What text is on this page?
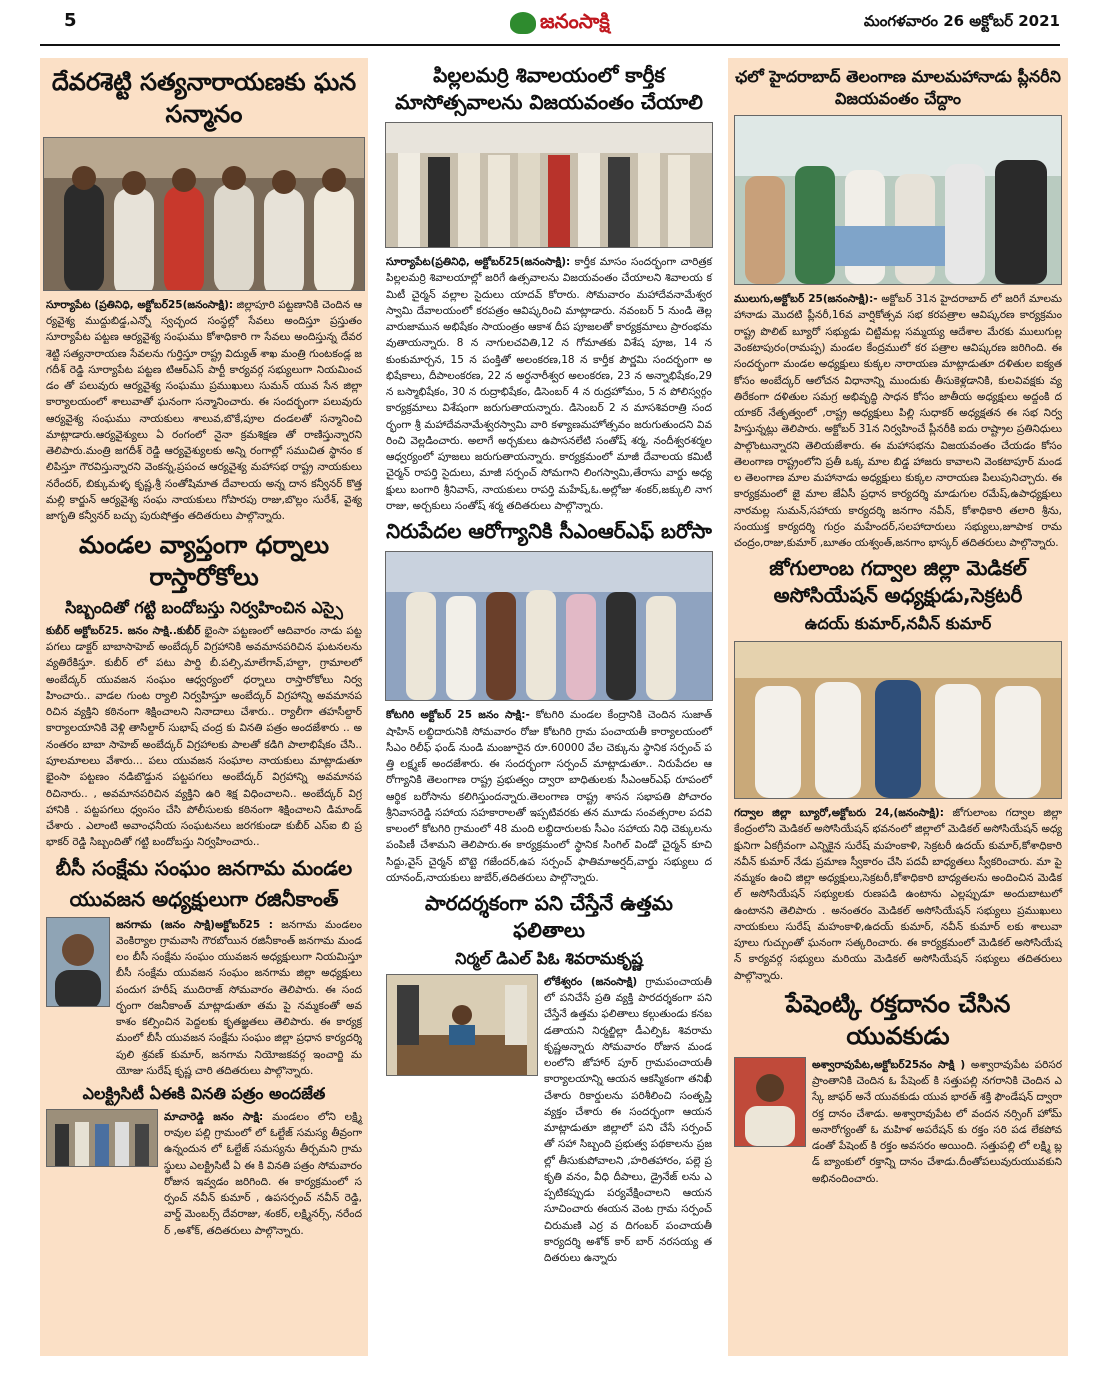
5	జనంసాక్షి	మంగళవారం 26 అక్టోబర్ 2021
దేవరశెట్టి సత్యనారాయణకు ఘన సన్మానం
సూర్యాపేట (ప్రతినిధి, అక్టోబర్25(జనంసాక్షి): జిల్లాపూరి పట్టణానికి చెందిన ఆర్యవైశ్య ముద్దుబిడ్డ,ఎన్నో స్వచ్ఛంద సంస్థల్లో సేవలు అందిస్తూ ప్రస్తుతం సూర్యాపేట పట్టణ ఆర్యవైశ్య సంఘము కోశాధికారి గా సేవలు అందిస్తున్న దేవరశెట్టి సత్యనారాయణ సేవలను గుర్తిస్తూ రాష్ట్ర విద్యుత్ శాఖ మంత్రి గుంటకండ్ల జగదీశ్ రెడ్డి సూర్యాపేట పట్టణ టిఆర్ఎస్ పార్టీ కార్యవర్గ సభ్యులుగా నియమించడం తో పలువురు ఆర్యవైశ్య సంఘము ప్రముఖులు సుమన్ యువ సేన జిల్లా కార్యాలయంలో శాలువాతో ఘనంగా సన్మానించారు. ఈ సందర్భంగా పలువురు ఆర్యవైశ్య సంఘము నాయకులు శాలువ,బొకే,పూల దండలతో సన్మానించి మాట్లాడారు.ఆర్యవైశ్యులు ఏ రంగంలో నైనా క్రమశిక్షణ తో రాణిస్తున్నారని తెలిపారు.మంత్రి జగదీశ్ రెడ్డి ఆర్యవైశ్యులకు అన్ని రంగాల్లో సముచిత స్థానం కలిపిస్తూ గౌరవిస్తున్నారని వెంకన్న,ప్రపంచ ఆర్యవైశ్య మహాసభ రాష్ట్ర నాయకులు నరేందర్, బిక్కుమళ్ళ కృష్ణ,శ్రీ సంతోషిమాత దేవాలయ అన్న దాన కన్వీనర్ కొత్త మల్లి కార్జున్ ఆర్యవైశ్య సంఘ నాయకులు గోపారపు రాజు,బొల్లం సురేశ్, వైశ్యజాగృతి కన్వీనర్ బచ్చు పురుషోత్తం తదితరులు పాల్గొన్నారు.
మండల వ్యాప్తంగా ధర్నాలు రాస్తారోకోలు
సిబ్బందితో గట్టి బందోబస్తు నిర్వహించిన ఎస్సై
కుబీర్ అక్టోబర్25. జనం సాక్షి..కుబీర్ భైంసా పట్టణంలో ఆదివారం నాడు పట్టపగలు డాక్టర్ బాబాసాహెబ్ అంబేద్కర్ విగ్రహానికి అవమానపరిచిన ఘటనలను వ్యతిరేకిస్తూ. కుబీర్ లో పటు పార్డి బీ.పల్సి,మాలేగావ్,హల్దా, గ్రామాలలో అంబేద్కర్ యువజన సంఘం ఆధ్వర్యంలో ధర్నాలు రాస్తారోకోలు నిర్వహించారు.. వాడల గుంట ర్యాలి నిర్వహిస్తూ అంబేద్కర్ విగ్రహాన్ని అవమానపరిచిన వ్యక్తిని కఠినంగా శిక్షించాలని నినాదాలు చేశారు.. ర్యాలీగా తహసీల్దార్ కార్యాలయానికి వెళ్లి తాసిల్దార్ సుభాష్ చంద్ర కు వినతి పత్రం అందజేశారు .. అనంతరం బాబా సాహెబ్ అంబేద్కర్ విగ్రహాలకు పాలతో కడిగి పాలాభిషేకం చేసి.. పూలమాలలు వేశారు... పలు యువజన సంఘాల నాయకులు మాట్లాడుతూ భైంసా పట్టణం నడిబొడ్డున పట్టపగలు అంబేద్కర్ విగ్రహాన్ని అవమానపరిచినారు.. , అవమానపరిచిన వ్యక్తిని ఉరి శిక్ష విధించాలని.. అంబేద్కర్ విగ్రహానికి . పట్టపగలు ధ్వంసం చేసి పోలీసులకు కఠినంగా శిక్షించాలని డిమాండ్ చేశారు . ఎలాంటి అవాంఛనీయ సంఘటనలు జరగకుండా కుబీర్ ఎస్ఐ బి ప్రభాకర్ రెడ్డి సిబ్బందితో గట్టి బందోబస్తు నిర్వహించారు..
బీసీ సంక్షేమ సంఘం జనగామ మండల
యువజన అధ్యక్షులుగా రజినీకాంత్
జనగామ (జనం సాక్షి)అక్టోబర్25 : జనగామ మండలం వెంకిర్యాల గ్రామవాసి గౌరబోయిన రజినీకాంత్ జనగామ మండలం బీసీ సంక్షేమ సంఘం యువజన అధ్యక్షులుగా నియమిస్తూ బీసీ సంక్షేమ యువజన సంఘం జనగామ జిల్లా అధ్యక్షులు పందుగ హరీష్ ముదిరాజ్ సోమవారం తెలిపారు. ఈ సందర్భంగా రజనీకాంత్ మాట్లాడుతూ తమ పై నమ్మకంతో అవకాశం కల్పించిన పెద్దలకు కృతజ్ఞతలు తెలిపారు. ఈ కార్యక్రమంలో బీసీ యువజన సంక్షేమ సంఘం జిల్లా ప్రధాన కార్యదర్శి పులి శ్రవణ్ కుమార్, జనగామ నియోజకవర్గ ఇంచార్జి మయోజు సురేష్ కృష్ణ చారి తదితరులు పాల్గొన్నారు.
ఎలక్ట్రిసిటీ ఏఈకి వినతి పత్రం అందజేత
మాచారెడ్డి జనం సాక్షి: మండలం లోని లక్ష్మి రావుల పల్లి గ్రామంలో లో ఓల్టేజ్ సమస్య తీవ్రంగా ఉన్నందున లో ఓల్టేజ్ సమస్యను తీర్చమని గ్రామస్థులు ఎలక్ట్రిసిటీ ఏ ఈ కి వినతి పత్రం సోమవారం రోజున ఇవ్వడం జరిగింది. ఈ కార్యక్రమంలో సర్పంచ్ నవీన్ కుమార్ , ఉపసర్పంచ్ నవీన్ రెడ్డి, వార్డ్ మెంబర్స్ దేవరాజు, శంకర్, లక్ష్మినర్స్, నరేందర్ ,అశోక్, తదితరులు పాల్గొన్నారు.
పిల్లలమర్రి శివాలయంలో కార్తీక మాసోత్సవాలను విజయవంతం చేయాలి
సూర్యాపేట(ప్రతినిధి, అక్టోబర్25(జనంసాక్షి): కార్తీక మాసం సందర్భంగా చారిత్రక పిల్లలమర్రి శివాలయాల్లో జరిగే ఉత్సవాలను విజయవంతం చేయాలని శివాలయ కమిటీ చైర్మన్ వల్లాల సైదులు యాదవ్ కోరారు. సోమవారం మహాదేవనామేశ్వర స్వామి దేవాలయంలో కరపత్రం ఆవిష్కరించి మాట్లాడారు. నవంబర్ 5 నుండి తెల్లవారుజామున అభిషేకం సాయంత్రం ఆకాశ దీప పూజలతో కార్యక్రమాలు ప్రారంభమవుతాయన్నారు. 8 న నాగులచవితి,12 న గోమాతకు విశేష పూజ, 14 న కుంకుమార్చన, 15 న పంక్తితో అలంకరణ,18 న కార్తీక పౌర్ణమి సందర్భంగా అభిషేకాలు, దీపాలంకరణ, 22 న అర్ధనారీశ్వర అలంకరణ, 23 న అన్నాభిషేకం,29 న బస్మాభిషేకం, 30 న రుద్రాభిషేకం, డిసెంబర్ 4 న రుద్రహోమం, 5 న పోలిస్వర్గం కార్యక్రమాలు విశేషంగా జరుగుతాయన్నారు. డిసెంబర్ 2 న మాసశివరాత్రి సందర్భంగా శ్రీ మహాదేవనామేశ్వరస్వామి వారి కళ్యాణమహోత్సవం జరుగుతుందని వివరించి వెల్లడించారు. అలాగే అర్చకులు ఉపాసనలేటి సంతోష్ శర్మ, నందీశ్వరశర్మల ఆధ్వర్యంలో పూజలు జరుగుతాయన్నారు. కార్యక్రమంలో మాజీ దేవాలయ కమిటీ చైర్మన్ రాపర్తి సైదులు, మాజీ సర్పంచ్ సోమగాని లింగస్వామి,తేరాసు వార్డు అధ్యక్షులు బంగారి శ్రీనివాస్, నాయకులు రాపర్తి మహేష్,ఓ.అల్లోజు శంకర్,జక్కులి నాగరాజు, అర్చకులు సంతోష్ శర్మ తదితరులు పాల్గొన్నారు.
నిరుపేదల ఆరోగ్యానికి సీఎంఆర్ఎఫ్ బరోసా
కోటగిరి అక్టోబర్ 25 జనం సాక్షి:- కోటగిరి మండల కేంద్రానికి చెందిన సుజాత్ షాహిన్ లబ్ధిదారునికి సోమవారం రోజు కోటగిరి గ్రామ పంచాయతీ కార్యాలయంలో సీఎం రిలీఫ్ ఫండ్ నుండి మంజూరైన రూ.60000 వేల చెక్కును స్థానిక సర్పంచ్ పత్తి లక్ష్మణ్ అందజేశారు. ఈ సందర్భంగా సర్పంచ్ మాట్లాడుతూ.. నిరుపేదల ఆరోగ్యానికి తెలంగాణ రాష్ట్ర ప్రభుత్వం ద్వారా బాధితులకు సీఎంఆర్ఎఫ్ రూపంలో ఆర్థిక బరోసాను కలిగిస్తుందన్నారు.తెలంగాణ రాష్ట్ర శాసన సభాపతి పోచారం శ్రీనివాసరెడ్డి సహాయ సహకారాలతో ఇప్పటివరకు తన మూడు సంవత్సరాల పదవి కాలంలో కోటగిరి గ్రామంలో 48 మంది లబ్ధిదారులకు సీఎం సహాయ నిధి చెక్కులను పంపిణీ చేశామని తెలిపారు.ఈ కార్యక్రమంలో స్థానిక సింగిల్ విండో చైర్మన్ కూచి సిద్దు,వైస్ చైర్మన్ బొట్టె గజేందర్,ఉప సర్పంచ్ ఫాతిమాఅర్షద్,వార్డు సభ్యులు దయానంద్,నాయకులు జుబేర్,తదితరులు పాల్గొన్నారు.
పారదర్శకంగా పని చేస్తేనే ఉత్తమ ఫలితాలు
నిర్మల్ డిఎల్ పిఓ శివరామకృష్ణ
లోకేశ్వరం (జనంసాక్షి) గ్రామపంచాయతీ లో పనిచేసే ప్రతి వ్యక్తి పారదర్శకంగా పని చేస్తేనే ఉత్తమ ఫలితాలు కల్గుతుండు కనబడతాయని నిర్మల్జిల్లా డీఎల్పిఓ శివరామకృష్ణఅన్నారు సోమవారం రోజున మండలంలోని జోహార్ పూర్ గ్రామపంచాయతీ కార్యాలయాన్ని ఆయన ఆకస్మికంగా తనిఖీ చేశారు రికార్డులను పరిశీలించి సంతృప్తి వ్యక్తం చేశారు ఈ సందర్భంగా ఆయన మాట్లాడుతూ జిల్లాలో పని చేసే సర్పంచ్ తో సహా సిబ్బంది ప్రభుత్వ పథకాలను ప్రజల్లో తీసుకుపోవాలని ,హరితహారం, పల్లె ప్రకృతి వనం, వీధి దీపాలు, డ్రైనేజ్ లను ఎప్పటికప్పుడు పర్యవేక్షించాలని ఆయన సూచించారు ఈయన వెంట గ్రామ సర్పంచ్ చిరుమణి ఎర్ర వ దిగంబర్ పంచాయతీ కార్యదర్శి అశోక్ కార్ బార్ నరసయ్య తదితరులు ఉన్నారు
ఛలో హైదరాబాద్ తెలంగాణ మాలమహానాడు ప్లీనరీని విజయవంతం చేద్దాం
ములుగు,అక్టోబర్ 25(జనంసాక్షి):- అక్టోబర్ 31న హైదరాబాద్ లో జరిగే మాలమహానాడు మొదటి ప్లీనరీ,16వ వార్షికోత్సవ సభ కరపత్రాల ఆవిష్కరణ కార్యక్రమం రాష్ట్ర పొలిట్ బ్యూరో సభ్యుడు చిట్టిమల్ల సమ్మయ్య ఆదేశాల మేరకు ములుగుల్ల వెంకటాపురం(రామప్ప) మండల కేంద్రములో కర పత్రాల ఆవిష్కరణ జరిగింది. ఈ సందర్భంగా మండల అధ్యక్షులు కుక్కల నారాయణ మాట్లాడుతూ దళితుల ఐక్యత కోసం అంబేద్కర్ ఆలోచన విధానాన్ని ముందుకు తీసుకెళ్లడానికి, కులవివక్షకు వ్యతిరేకంగా దళితుల సమగ్ర అభివృద్ధి సాధన కోసం జాతీయ అధ్యక్షులు అద్దంకి దయాకర్ నేతృత్వంలో ,రాష్ట్ర అధ్యక్షులు పిల్లి సుధాకర్ అధ్యక్షతన ఈ సభ నిర్వహిస్తున్నట్లు తెలిపారు. అక్టోబర్ 31న నిర్వహించే ప్లీనరీకి ఐదు రాష్ట్రాల ప్రతినిధులు పాల్గొంటున్నారని తెలియజేశారు. ఈ మహాసభను విజయవంతం చేయడం కోసం తెలంగాణ రాష్ట్రంలోని ప్రతీ ఒక్క మాల బిడ్డ హాజరు కావాలని వెంకటాపూర్ మండల తెలంగాణ మాల మహానాడు అధ్యక్షులు కుక్కల నారాయణ పిలుపునిచ్చారు. ఈ కార్యక్రమంలో జై మాల జేఏసీ ప్రధాన కార్యదర్శి మాడుగుల రమేష్,ఉపాధ్యక్షులు నారమల్ల సుమన్,సహాయ కార్యదర్శి జనగాం నవీన్, కోశాధికారి తలారి శ్రీను,సంయుక్త కార్యదర్శి గుర్రం మహేందర్,సలహాదారులు సభ్యులు,జూపాక రామచంద్రం,రాజు,కుమార్ ,బూతం యశ్వంత్,జనగాం భాస్కర్ తదితరులు పాల్గొన్నారు.
జోగులాంబ గద్వాల జిల్లా మెడికల్ అసోసియేషన్ అధ్యక్షుడు,సెక్రటరీ
ఉదయ్ కుమార్,నవీన్ కుమార్
గద్వాల జిల్లా బ్యూరో,అక్టోబరు 24,(జనంసాక్షి): జోగులాంబ గద్వాల జిల్లా కేంద్రంలోని మెడికల్ అసోసియేషన్ భవనంలో జిల్లాలో మెడికల్ అసోసియేషన్ అధ్యక్షునిగా ఏకగ్రీవంగా ఎన్నికైన సురేష్ మహంకాళి, సెక్రటరీ ఉదయ్ కుమార్,కోశాధికారి నవీన్ కుమార్ నేడు ప్రమాణ స్వీకారం చేసి పదవీ బాధ్యతలు స్వీకరించారు. మా పై నమ్మకం ఉంచి జిల్లా అధ్యక్షులు,సెక్రటరీ,కోశాధికారి బాధ్యతలను అందించిన మెడికల్ అసోసియేషన్ సభ్యులకు రుణపడి ఉంటాను ఎల్లప్పుడూ అందుబాటులో ఉంటానని తెలిపారు . అనంతరం మెడికల్ అసోసియేషన్ సభ్యులు ప్రముఖులు నాయకులు సురేష్ మహంకాళి,ఉదయ్ కుమార్, నవీన్ కుమార్ లకు శాలువా పూలు గుచ్చుంతో ఘనంగా సత్కరించారు. ఈ కార్యక్రమంలో మెడికల్ అసోసియేషన్ కార్యవర్గ సభ్యులు మరియు మెడికల్ అసోసియేషన్ సభ్యులు తదితరులు పాల్గొన్నారు.
పేషెంట్కి రక్తదానం చేసిన యువకుడు
అశ్వారావుపేట,అక్టోబర్25నం సాక్షి ) అశ్వారావుపేట పరిసర ప్రాంతానికి చెందిన ఓ పేషెంట్ కి సత్తుపల్లి నగరానికి చెందిన ఎస్కే జాఫర్ అనే యువకుడు యువ భారత్ శక్తి ఫౌండేషన్ ద్వారా రక్త దానం చేశాడు. అశ్వారావుపేట లో వందన నర్సింగ్ హోమ్ అనారోగ్యంతో ఓ మహిళ అపరేషన్ కు రక్తం సరి పడ లేకపోవడంతో పేషెంట్ కి రక్తం అవసరం అయింది. సత్తుపల్లి లో లక్ష్మి బ్లడ్ బ్యాంకులో రక్తాన్ని దానం చేశాడు.దీంతోపలువురుయువకుని అభినందించారు.
